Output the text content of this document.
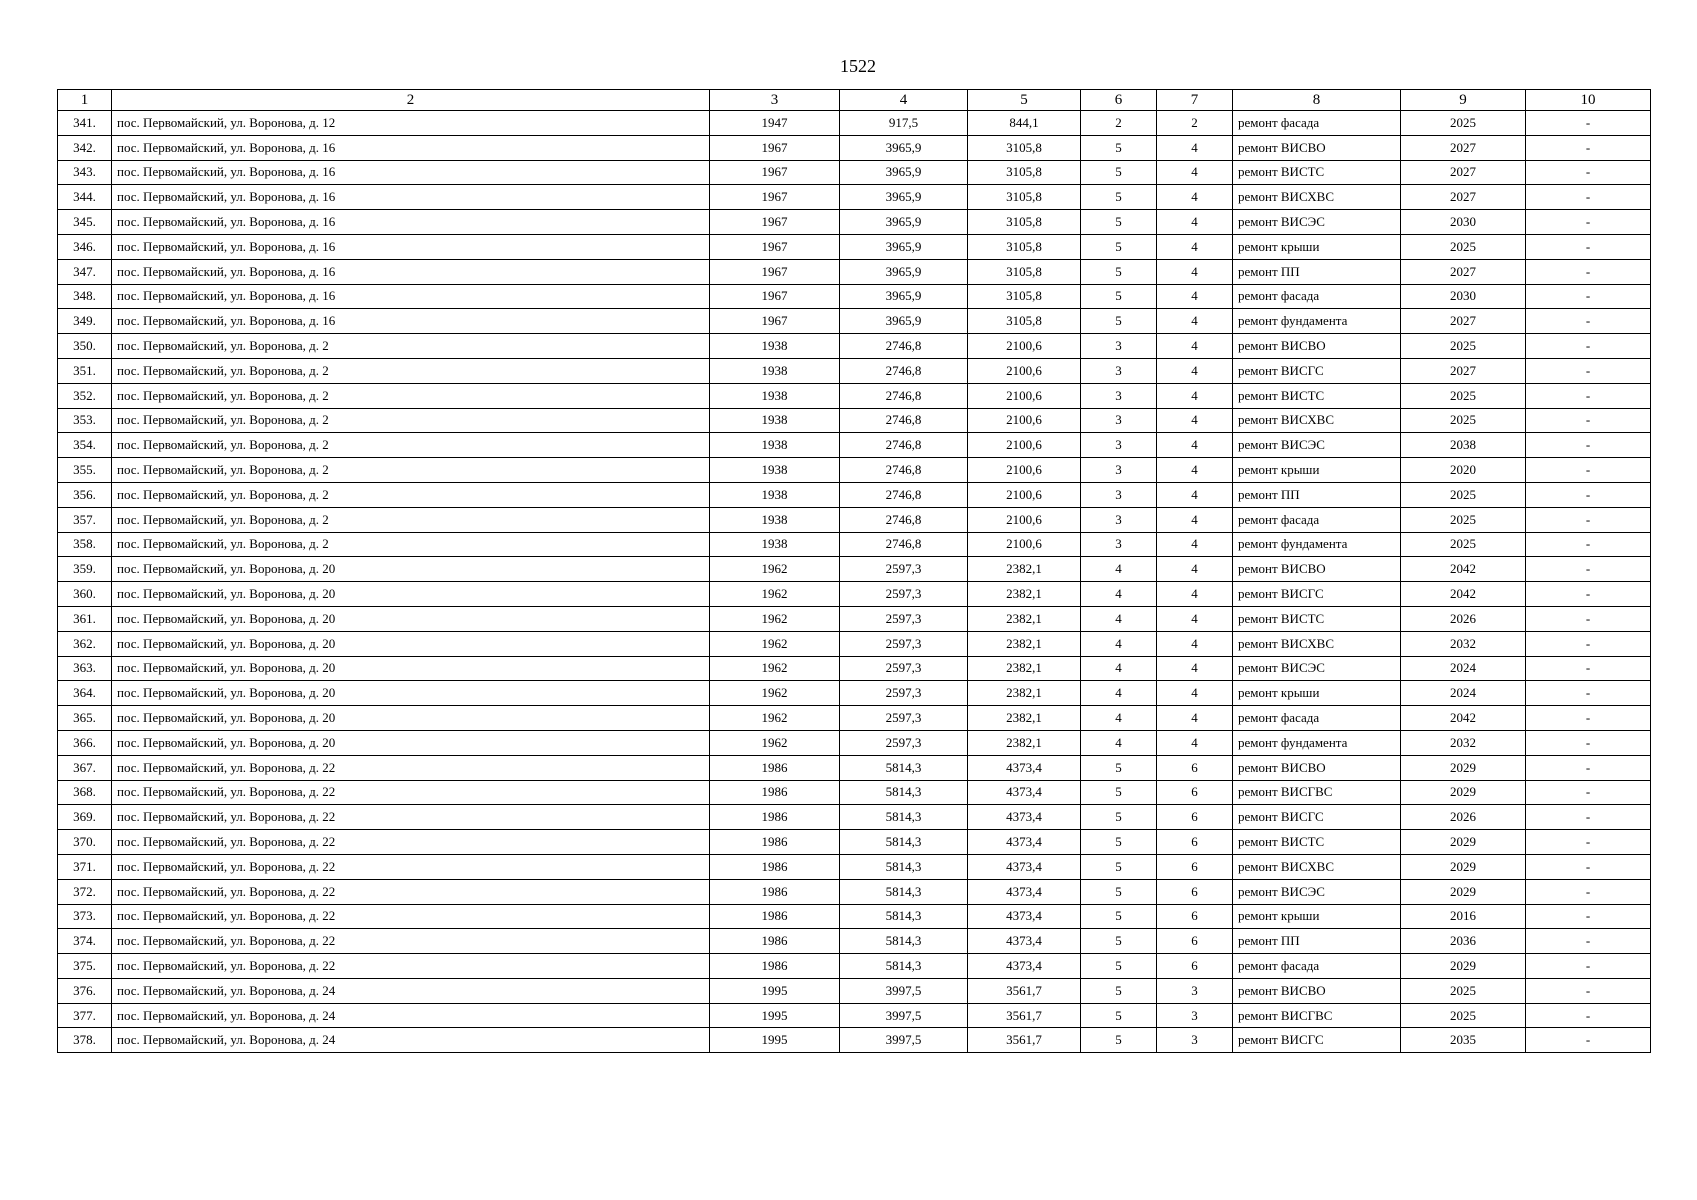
1522
1	2	3	4	5	6	7	8	9	10
341.	пос. Первомайский, ул. Воронова, д. 12	1947	917,5	844,1	2	2	ремонт фасада	2025	-
342.	пос. Первомайский, ул. Воронова, д. 16	1967	3965,9	3105,8	5	4	ремонт ВИСВО	2027	-
343.	пос. Первомайский, ул. Воронова, д. 16	1967	3965,9	3105,8	5	4	ремонт ВИСТС	2027	-
344.	пос. Первомайский, ул. Воронова, д. 16	1967	3965,9	3105,8	5	4	ремонт ВИСХВС	2027	-
345.	пос. Первомайский, ул. Воронова, д. 16	1967	3965,9	3105,8	5	4	ремонт ВИСЭС	2030	-
346.	пос. Первомайский, ул. Воронова, д. 16	1967	3965,9	3105,8	5	4	ремонт крыши	2025	-
347.	пос. Первомайский, ул. Воронова, д. 16	1967	3965,9	3105,8	5	4	ремонт ПП	2027	-
348.	пос. Первомайский, ул. Воронова, д. 16	1967	3965,9	3105,8	5	4	ремонт фасада	2030	-
349.	пос. Первомайский, ул. Воронова, д. 16	1967	3965,9	3105,8	5	4	ремонт фундамента	2027	-
350.	пос. Первомайский, ул. Воронова, д. 2	1938	2746,8	2100,6	3	4	ремонт ВИСВО	2025	-
351.	пос. Первомайский, ул. Воронова, д. 2	1938	2746,8	2100,6	3	4	ремонт ВИСГС	2027	-
352.	пос. Первомайский, ул. Воронова, д. 2	1938	2746,8	2100,6	3	4	ремонт ВИСТС	2025	-
353.	пос. Первомайский, ул. Воронова, д. 2	1938	2746,8	2100,6	3	4	ремонт ВИСХВС	2025	-
354.	пос. Первомайский, ул. Воронова, д. 2	1938	2746,8	2100,6	3	4	ремонт ВИСЭС	2038	-
355.	пос. Первомайский, ул. Воронова, д. 2	1938	2746,8	2100,6	3	4	ремонт крыши	2020	-
356.	пос. Первомайский, ул. Воронова, д. 2	1938	2746,8	2100,6	3	4	ремонт ПП	2025	-
357.	пос. Первомайский, ул. Воронова, д. 2	1938	2746,8	2100,6	3	4	ремонт фасада	2025	-
358.	пос. Первомайский, ул. Воронова, д. 2	1938	2746,8	2100,6	3	4	ремонт фундамента	2025	-
359.	пос. Первомайский, ул. Воронова, д. 20	1962	2597,3	2382,1	4	4	ремонт ВИСВО	2042	-
360.	пос. Первомайский, ул. Воронова, д. 20	1962	2597,3	2382,1	4	4	ремонт ВИСГС	2042	-
361.	пос. Первомайский, ул. Воронова, д. 20	1962	2597,3	2382,1	4	4	ремонт ВИСТС	2026	-
362.	пос. Первомайский, ул. Воронова, д. 20	1962	2597,3	2382,1	4	4	ремонт ВИСХВС	2032	-
363.	пос. Первомайский, ул. Воронова, д. 20	1962	2597,3	2382,1	4	4	ремонт ВИСЭС	2024	-
364.	пос. Первомайский, ул. Воронова, д. 20	1962	2597,3	2382,1	4	4	ремонт крыши	2024	-
365.	пос. Первомайский, ул. Воронова, д. 20	1962	2597,3	2382,1	4	4	ремонт фасада	2042	-
366.	пос. Первомайский, ул. Воронова, д. 20	1962	2597,3	2382,1	4	4	ремонт фундамента	2032	-
367.	пос. Первомайский, ул. Воронова, д. 22	1986	5814,3	4373,4	5	6	ремонт ВИСВО	2029	-
368.	пос. Первомайский, ул. Воронова, д. 22	1986	5814,3	4373,4	5	6	ремонт ВИСГВС	2029	-
369.	пос. Первомайский, ул. Воронова, д. 22	1986	5814,3	4373,4	5	6	ремонт ВИСГС	2026	-
370.	пос. Первомайский, ул. Воронова, д. 22	1986	5814,3	4373,4	5	6	ремонт ВИСТС	2029	-
371.	пос. Первомайский, ул. Воронова, д. 22	1986	5814,3	4373,4	5	6	ремонт ВИСХВС	2029	-
372.	пос. Первомайский, ул. Воронова, д. 22	1986	5814,3	4373,4	5	6	ремонт ВИСЭС	2029	-
373.	пос. Первомайский, ул. Воронова, д. 22	1986	5814,3	4373,4	5	6	ремонт крыши	2016	-
374.	пос. Первомайский, ул. Воронова, д. 22	1986	5814,3	4373,4	5	6	ремонт ПП	2036	-
375.	пос. Первомайский, ул. Воронова, д. 22	1986	5814,3	4373,4	5	6	ремонт фасада	2029	-
376.	пос. Первомайский, ул. Воронова, д. 24	1995	3997,5	3561,7	5	3	ремонт ВИСВО	2025	-
377.	пос. Первомайский, ул. Воронова, д. 24	1995	3997,5	3561,7	5	3	ремонт ВИСГВС	2025	-
378.	пос. Первомайский, ул. Воронова, д. 24	1995	3997,5	3561,7	5	3	ремонт ВИСГС	2035	-
